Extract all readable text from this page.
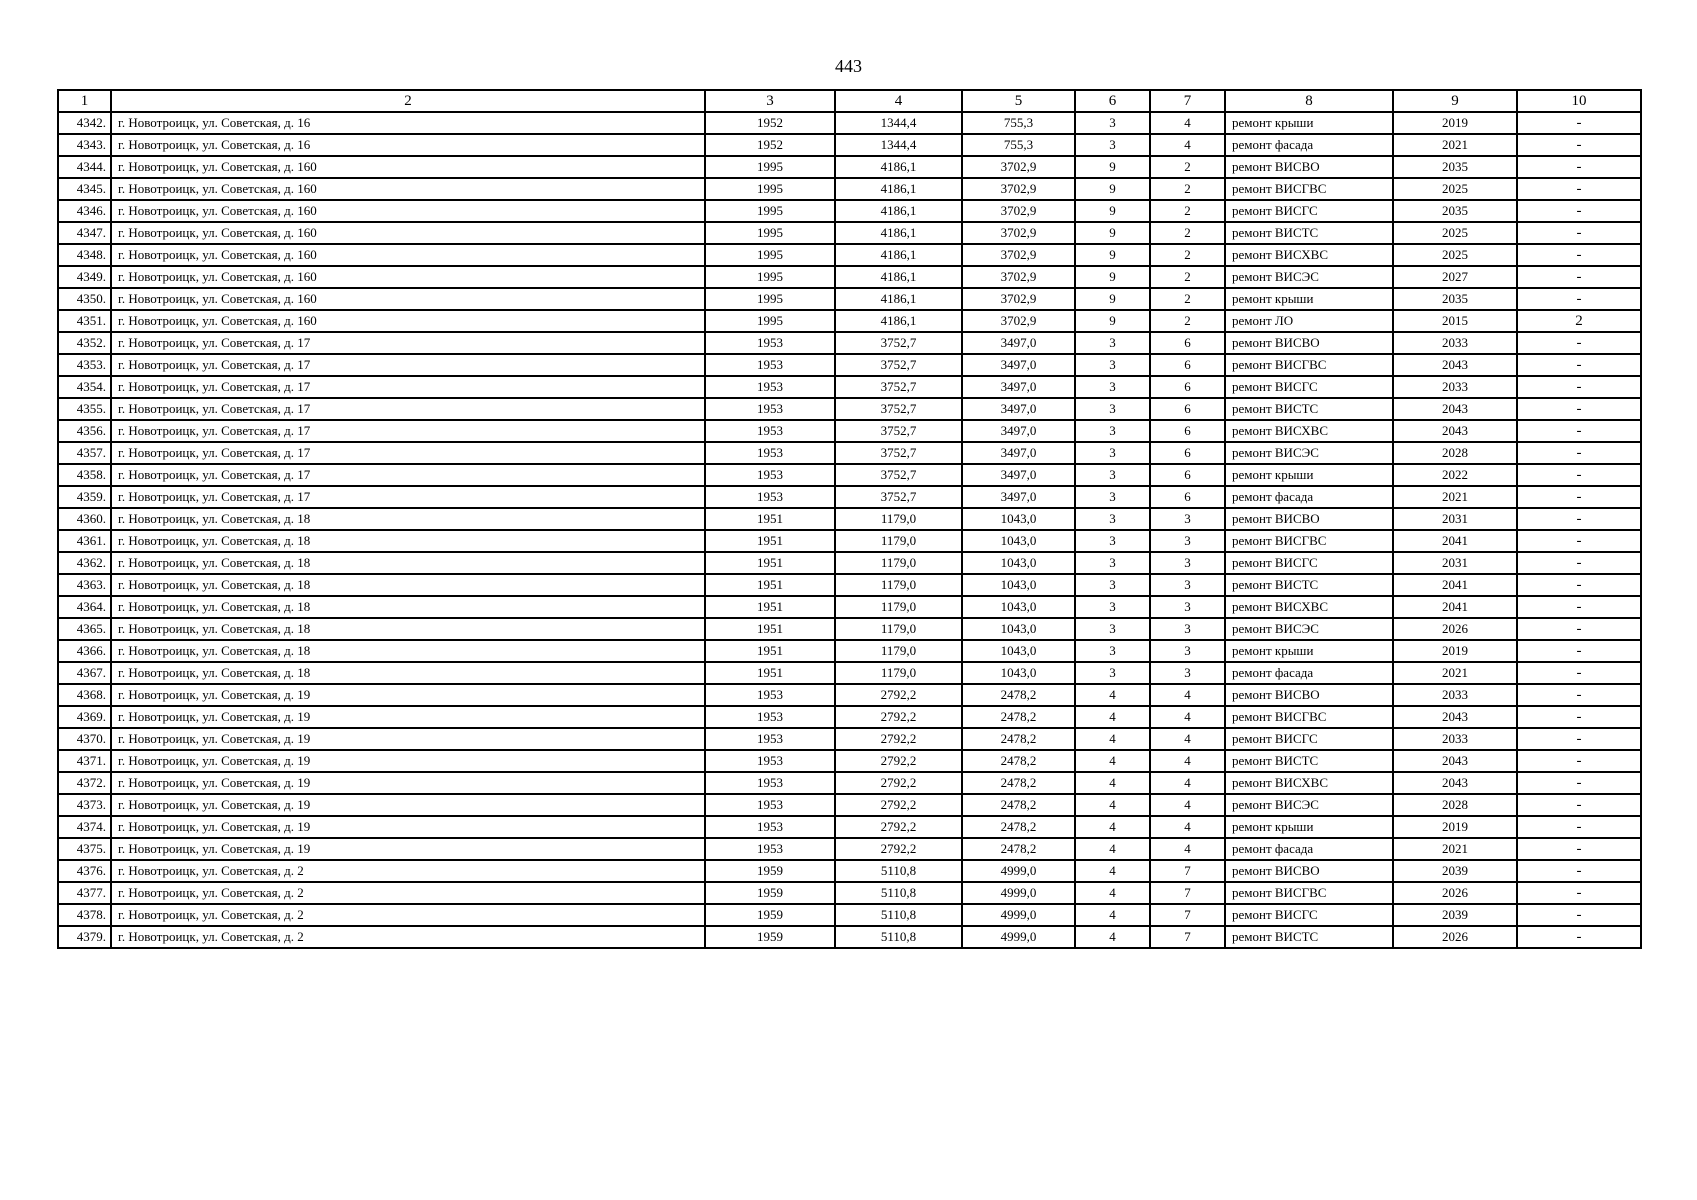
443
1	2	3	4	5	6	7	8	9	10
4342.	г. Новотроицк, ул. Советская, д. 16	1952	1344,4	755,3	3	4	ремонт крыши	2019	-
4343.	г. Новотроицк, ул. Советская, д. 16	1952	1344,4	755,3	3	4	ремонт фасада	2021	-
4344.	г. Новотроицк, ул. Советская, д. 160	1995	4186,1	3702,9	9	2	ремонт ВИСВО	2035	-
4345.	г. Новотроицк, ул. Советская, д. 160	1995	4186,1	3702,9	9	2	ремонт ВИСГВС	2025	-
4346.	г. Новотроицк, ул. Советская, д. 160	1995	4186,1	3702,9	9	2	ремонт ВИСГС	2035	-
4347.	г. Новотроицк, ул. Советская, д. 160	1995	4186,1	3702,9	9	2	ремонт ВИСТС	2025	-
4348.	г. Новотроицк, ул. Советская, д. 160	1995	4186,1	3702,9	9	2	ремонт ВИСХВС	2025	-
4349.	г. Новотроицк, ул. Советская, д. 160	1995	4186,1	3702,9	9	2	ремонт ВИСЭС	2027	-
4350.	г. Новотроицк, ул. Советская, д. 160	1995	4186,1	3702,9	9	2	ремонт крыши	2035	-
4351.	г. Новотроицк, ул. Советская, д. 160	1995	4186,1	3702,9	9	2	ремонт ЛО	2015	2
4352.	г. Новотроицк, ул. Советская, д. 17	1953	3752,7	3497,0	3	6	ремонт ВИСВО	2033	-
4353.	г. Новотроицк, ул. Советская, д. 17	1953	3752,7	3497,0	3	6	ремонт ВИСГВС	2043	-
4354.	г. Новотроицк, ул. Советская, д. 17	1953	3752,7	3497,0	3	6	ремонт ВИСГС	2033	-
4355.	г. Новотроицк, ул. Советская, д. 17	1953	3752,7	3497,0	3	6	ремонт ВИСТС	2043	-
4356.	г. Новотроицк, ул. Советская, д. 17	1953	3752,7	3497,0	3	6	ремонт ВИСХВС	2043	-
4357.	г. Новотроицк, ул. Советская, д. 17	1953	3752,7	3497,0	3	6	ремонт ВИСЭС	2028	-
4358.	г. Новотроицк, ул. Советская, д. 17	1953	3752,7	3497,0	3	6	ремонт крыши	2022	-
4359.	г. Новотроицк, ул. Советская, д. 17	1953	3752,7	3497,0	3	6	ремонт фасада	2021	-
4360.	г. Новотроицк, ул. Советская, д. 18	1951	1179,0	1043,0	3	3	ремонт ВИСВО	2031	-
4361.	г. Новотроицк, ул. Советская, д. 18	1951	1179,0	1043,0	3	3	ремонт ВИСГВС	2041	-
4362.	г. Новотроицк, ул. Советская, д. 18	1951	1179,0	1043,0	3	3	ремонт ВИСГС	2031	-
4363.	г. Новотроицк, ул. Советская, д. 18	1951	1179,0	1043,0	3	3	ремонт ВИСТС	2041	-
4364.	г. Новотроицк, ул. Советская, д. 18	1951	1179,0	1043,0	3	3	ремонт ВИСХВС	2041	-
4365.	г. Новотроицк, ул. Советская, д. 18	1951	1179,0	1043,0	3	3	ремонт ВИСЭС	2026	-
4366.	г. Новотроицк, ул. Советская, д. 18	1951	1179,0	1043,0	3	3	ремонт крыши	2019	-
4367.	г. Новотроицк, ул. Советская, д. 18	1951	1179,0	1043,0	3	3	ремонт фасада	2021	-
4368.	г. Новотроицк, ул. Советская, д. 19	1953	2792,2	2478,2	4	4	ремонт ВИСВО	2033	-
4369.	г. Новотроицк, ул. Советская, д. 19	1953	2792,2	2478,2	4	4	ремонт ВИСГВС	2043	-
4370.	г. Новотроицк, ул. Советская, д. 19	1953	2792,2	2478,2	4	4	ремонт ВИСГС	2033	-
4371.	г. Новотроицк, ул. Советская, д. 19	1953	2792,2	2478,2	4	4	ремонт ВИСТС	2043	-
4372.	г. Новотроицк, ул. Советская, д. 19	1953	2792,2	2478,2	4	4	ремонт ВИСХВС	2043	-
4373.	г. Новотроицк, ул. Советская, д. 19	1953	2792,2	2478,2	4	4	ремонт ВИСЭС	2028	-
4374.	г. Новотроицк, ул. Советская, д. 19	1953	2792,2	2478,2	4	4	ремонт крыши	2019	-
4375.	г. Новотроицк, ул. Советская, д. 19	1953	2792,2	2478,2	4	4	ремонт фасада	2021	-
4376.	г. Новотроицк, ул. Советская, д. 2	1959	5110,8	4999,0	4	7	ремонт ВИСВО	2039	-
4377.	г. Новотроицк, ул. Советская, д. 2	1959	5110,8	4999,0	4	7	ремонт ВИСГВС	2026	-
4378.	г. Новотроицк, ул. Советская, д. 2	1959	5110,8	4999,0	4	7	ремонт ВИСГС	2039	-
4379.	г. Новотроицк, ул. Советская, д. 2	1959	5110,8	4999,0	4	7	ремонт ВИСТС	2026	-
